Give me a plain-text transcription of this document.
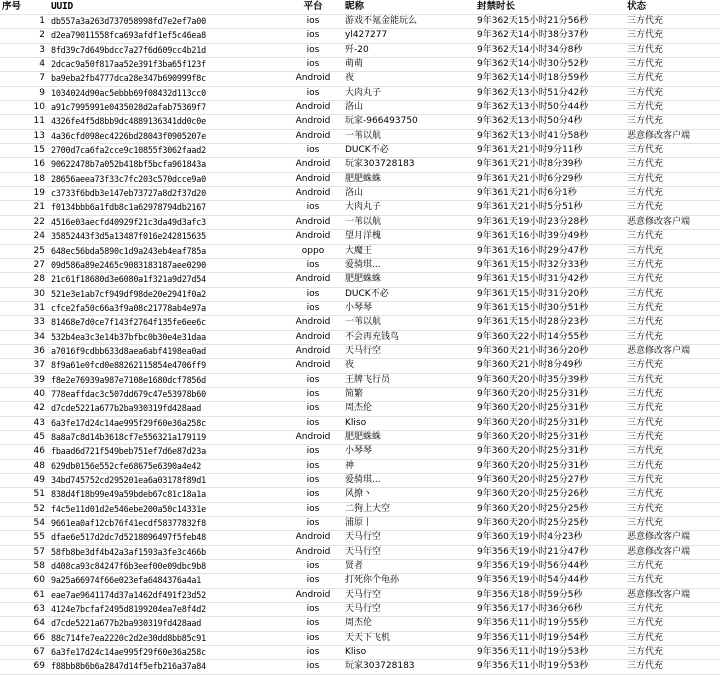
序号	UUID	平台	昵称	封禁时长	状态
1	db557a3a263d737058998fd7e2ef7a00	ios	游戏不氪金能玩么	9年362天15小时21分56秒	三方代充
2	d2ea79011558fca693afdf1ef5c46ea8	ios	yl427277	9年362天14小时38分37秒	三方代充
3	8fd39c7d649bdcc7a27f6d609cc4b21d	ios	歼-20	9年362天14小时34分8秒	三方代充
4	2dcac9a50f817aa52e391f3ba65f123f	ios	萌萌	9年362天14小时30分52秒	三方代充
7	ba9eba2fb4777dca28e347b690999f8c	Android	夜	9年362天14小时18分59秒	三方代充
9	1034024d90ac5ebbb69f08432d113cc0	ios	大肉丸子	9年362天13小时51分42秒	三方代充
10	a91c7995991e0435028d2afab75369f7	Android	洛山	9年362天13小时50分44秒	三方代充
11	4326fe4f5d8bb9dc4889136341dd0c0e	Android	玩家-966493750	9年362天13小时50分4秒	三方代充
13	4a36cfd098ec4226bd28043f0905207e	Android	一苇以航	9年362天13小时41分58秒	恶意修改客户端
15	2700d7ca6fa2cce9c10855f3062faad2	ios	DUCK不必	9年361天21小时9分11秒	三方代充
16	90622478b7a052b418bf5bcfa961843a	Android	玩家303728183	9年361天21小时8分39秒	三方代充
18	28656aeea73f33c7fc203c570dcce9a0	Android	肥肥蛛蛛	9年361天21小时6分29秒	三方代充
19	c3733f6bdb3e147eb73727a8d2f37d20	Android	洛山	9年361天21小时6分1秒	三方代充
21	f0134bbb6a1fdb8c1a62978794db2167	ios	大肉丸子	9年361天21小时5分51秒	三方代充
22	4516e03aecfd40929f21c3da49d3afc3	Android	一苇以航	9年361天19小时23分28秒	恶意修改客户端
24	35852443f3d5a13487f016e242815635	Android	望月洋槐	9年361天16小时39分49秒	三方代充
25	648ec56bda5890c1d9a243eb4eaf785a	oppo	大魔王	9年361天16小时29分47秒	三方代充
27	09d586a89e2465c9083183187aee0290	ios	爱骑琪...	9年361天15小时32分33秒	三方代充
28	21c61f18680d3e6080a1f321a9d27d54	Android	肥肥蛛蛛	9年361天15小时31分42秒	三方代充
30	521e3e1ab7cf949df98de20e2941f0a2	ios	DUCK不必	9年361天15小时31分20秒	三方代充
31	cfce2fa50c66a3f9a08c21778ab4e97a	ios	小琴琴	9年361天15小时30分51秒	三方代充
33	81468e7d0ce7f143f2764f135fe6ee6c	Android	一苇以航	9年361天15小时28分23秒	三方代充
34	532b4ea3c3e14b37bfbc0b30e4e31daa	Android	不会再充钱鸟	9年360天22小时14分55秒	三方代充
36	a7016f9cdbb633d8aea6abf4198ea0ad	Android	天马行空	9年360天21小时36分20秒	恶意修改客户端
37	8f9a61e0fcd0e88262115854e4706ff9	Android	夜	9年360天21小时8分49秒	三方代充
39	f8e2e76939a987e7108e1680dcf7856d	ios	王牌飞行员	9年360天20小时35分39秒	三方代充
40	778eaffdac3c507dd679c47e53978b60	ios	简繁	9年360天20小时25分31秒	三方代充
42	d7cde5221a677b2ba930319fd428aad	ios	周杰伦	9年360天20小时25分31秒	三方代充
43	6a3fe17d24c14ae995f29f60e36a258c	ios	Kliso	9年360天20小时25分31秒	三方代充
45	8a8a7c8d14b3618cf7e556321a179119	Android	肥肥蛛蛛	9年360天20小时25分31秒	三方代充
46	fbaad6d721f549beb751ef7d6e87d23a	ios	小琴琴	9年360天20小时25分31秒	三方代充
48	629db0156e552cfe68675e6390a4e42	ios	神	9年360天20小时25分31秒	三方代充
49	34bd745752cd295201ea6a03178f89d1	ios	爱骑琪...	9年360天20小时25分27秒	三方代充
51	838d4f18b99e49a59bdeb67c81c18a1a	ios	风撩丶	9年360天20小时25分26秒	三方代充
52	f4c5e11d01d2e546ebe200a50c14331e	ios	二狗上大空	9年360天20小时25分25秒	三方代充
54	9661ea0af12cb76f41ecdf58377832f8	ios	浦原丨	9年360天20小时25分25秒	三方代充
55	dfae6e517d2dc7d5218096497f5feb48	Android	天马行空	9年360天19小时4分23秒	恶意修改客户端
57	58fb8be3df4b42a3af1593a3fe3c466b	Android	天马行空	9年356天19小时21分47秒	恶意修改客户端
58	d408ca93c84247f6b3eef00e09dbc9b8	ios	贤者	9年356天19小时56分44秒	三方代充
60	9a25a66974f66e023efa6484376a4a1	ios	打死你个龟孙	9年356天19小时54分44秒	三方代充
61	eae7ae9641174d37a1462df491f23d52	Android	天马行空	9年356天18小时59分5秒	恶意修改客户端
63	4124e7bcfaf2495d8199204ea7e8f4d2	ios	天马行空	9年356天17小时36分6秒	三方代充
64	d7cde5221a677b2ba930319fd428aad	ios	周杰伦	9年356天11小时19分55秒	三方代充
66	88c714fe7ea2220c2d2e30dd8bb85c91	ios	天天下飞机	9年356天11小时19分54秒	三方代充
67	6a3fe17d24c14ae995f29f60e36a258c	ios	Kliso	9年356天11小时19分53秒	三方代充
69	f88bb8b6b6a2847d14f5efb216a37a84	ios	玩家303728183	9年356天11小时19分53秒	三方代充
